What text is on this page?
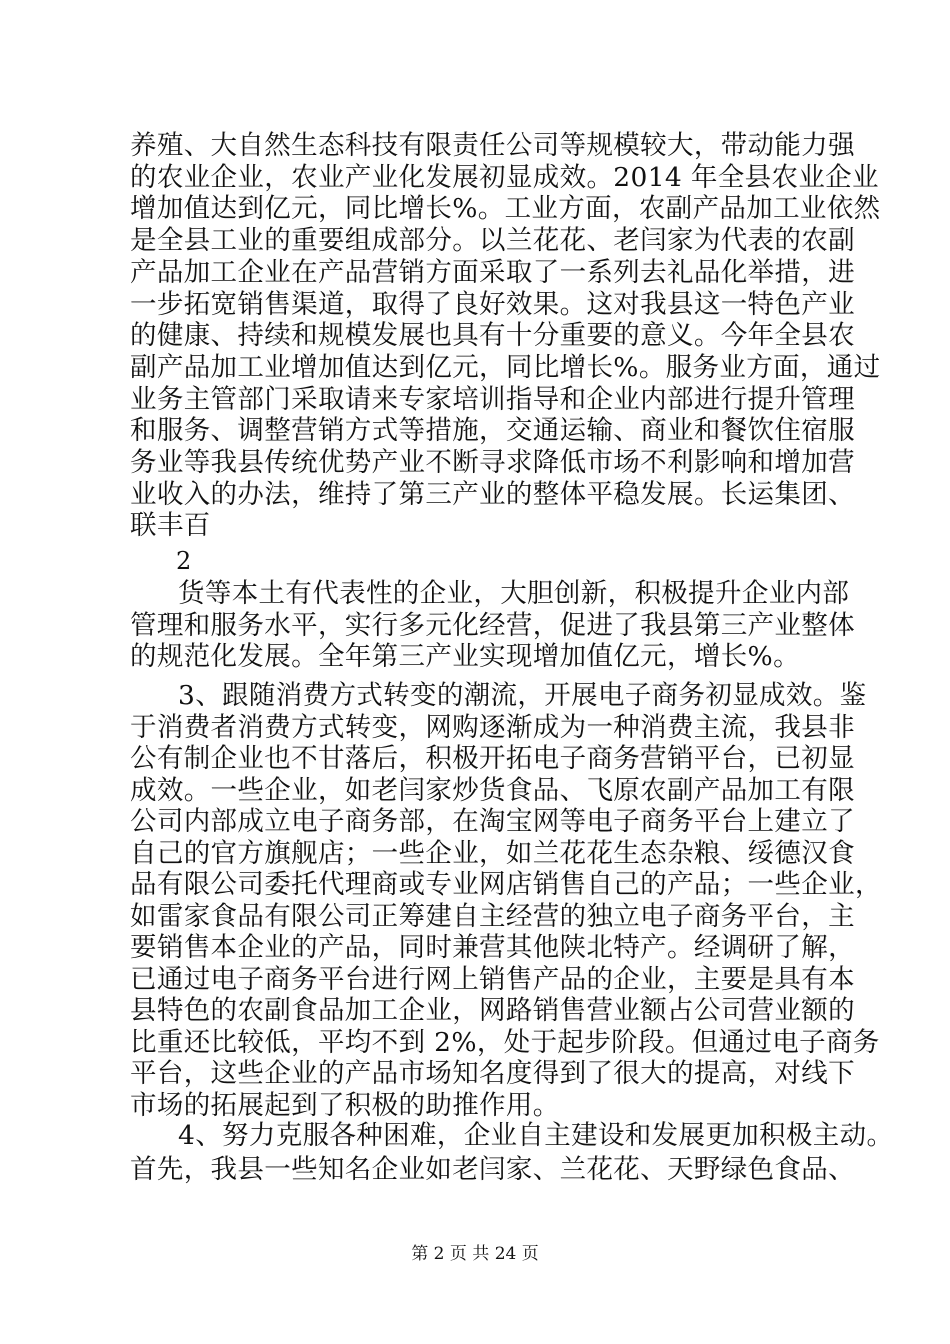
养殖、大自然生态科技有限责任公司等规模较大，带动能力强
的农业企业，农业产业化发展初显成效。2014 年全县农业企业
增加值达到亿元，同比增长%。工业方面，农副产品加工业依然
是全县工业的重要组成部分。以兰花花、老闫家为代表的农副
产品加工企业在产品营销方面采取了一系列去礼品化举措，进
一步拓宽销售渠道，取得了良好效果。这对我县这一特色产业
的健康、持续和规模发展也具有十分重要的意义。今年全县农
副产品加工业增加值达到亿元，同比增长%。服务业方面，通过
业务主管部门采取请来专家培训指导和企业内部进行提升管理
和服务、调整营销方式等措施，交通运输、商业和餐饮住宿服
务业等我县传统优势产业不断寻求降低市场不利影响和增加营
业收入的办法，维持了第三产业的整体平稳发展。长运集团、
联丰百
2
货等本土有代表性的企业，大胆创新，积极提升企业内部
管理和服务水平，实行多元化经营，促进了我县第三产业整体
的规范化发展。全年第三产业实现增加值亿元，增长%。
3、跟随消费方式转变的潮流，开展电子商务初显成效。鉴
于消费者消费方式转变，网购逐渐成为一种消费主流，我县非
公有制企业也不甘落后，积极开拓电子商务营销平台，已初显
成效。一些企业，如老闫家炒货食品、飞原农副产品加工有限
公司内部成立电子商务部，在淘宝网等电子商务平台上建立了
自己的官方旗舰店；一些企业，如兰花花生态杂粮、绥德汉食
品有限公司委托代理商或专业网店销售自己的产品；一些企业，
如雷家食品有限公司正筹建自主经营的独立电子商务平台，主
要销售本企业的产品，同时兼营其他陕北特产。经调研了解，
已通过电子商务平台进行网上销售产品的企业，主要是具有本
县特色的农副食品加工企业，网路销售营业额占公司营业额的
比重还比较低，平均不到 2%，处于起步阶段。但通过电子商务
平台，这些企业的产品市场知名度得到了很大的提高，对线下
市场的拓展起到了积极的助推作用。
4、努力克服各种困难，企业自主建设和发展更加积极主动。
首先，我县一些知名企业如老闫家、兰花花、天野绿色食品、
第 2 页 共 24 页
